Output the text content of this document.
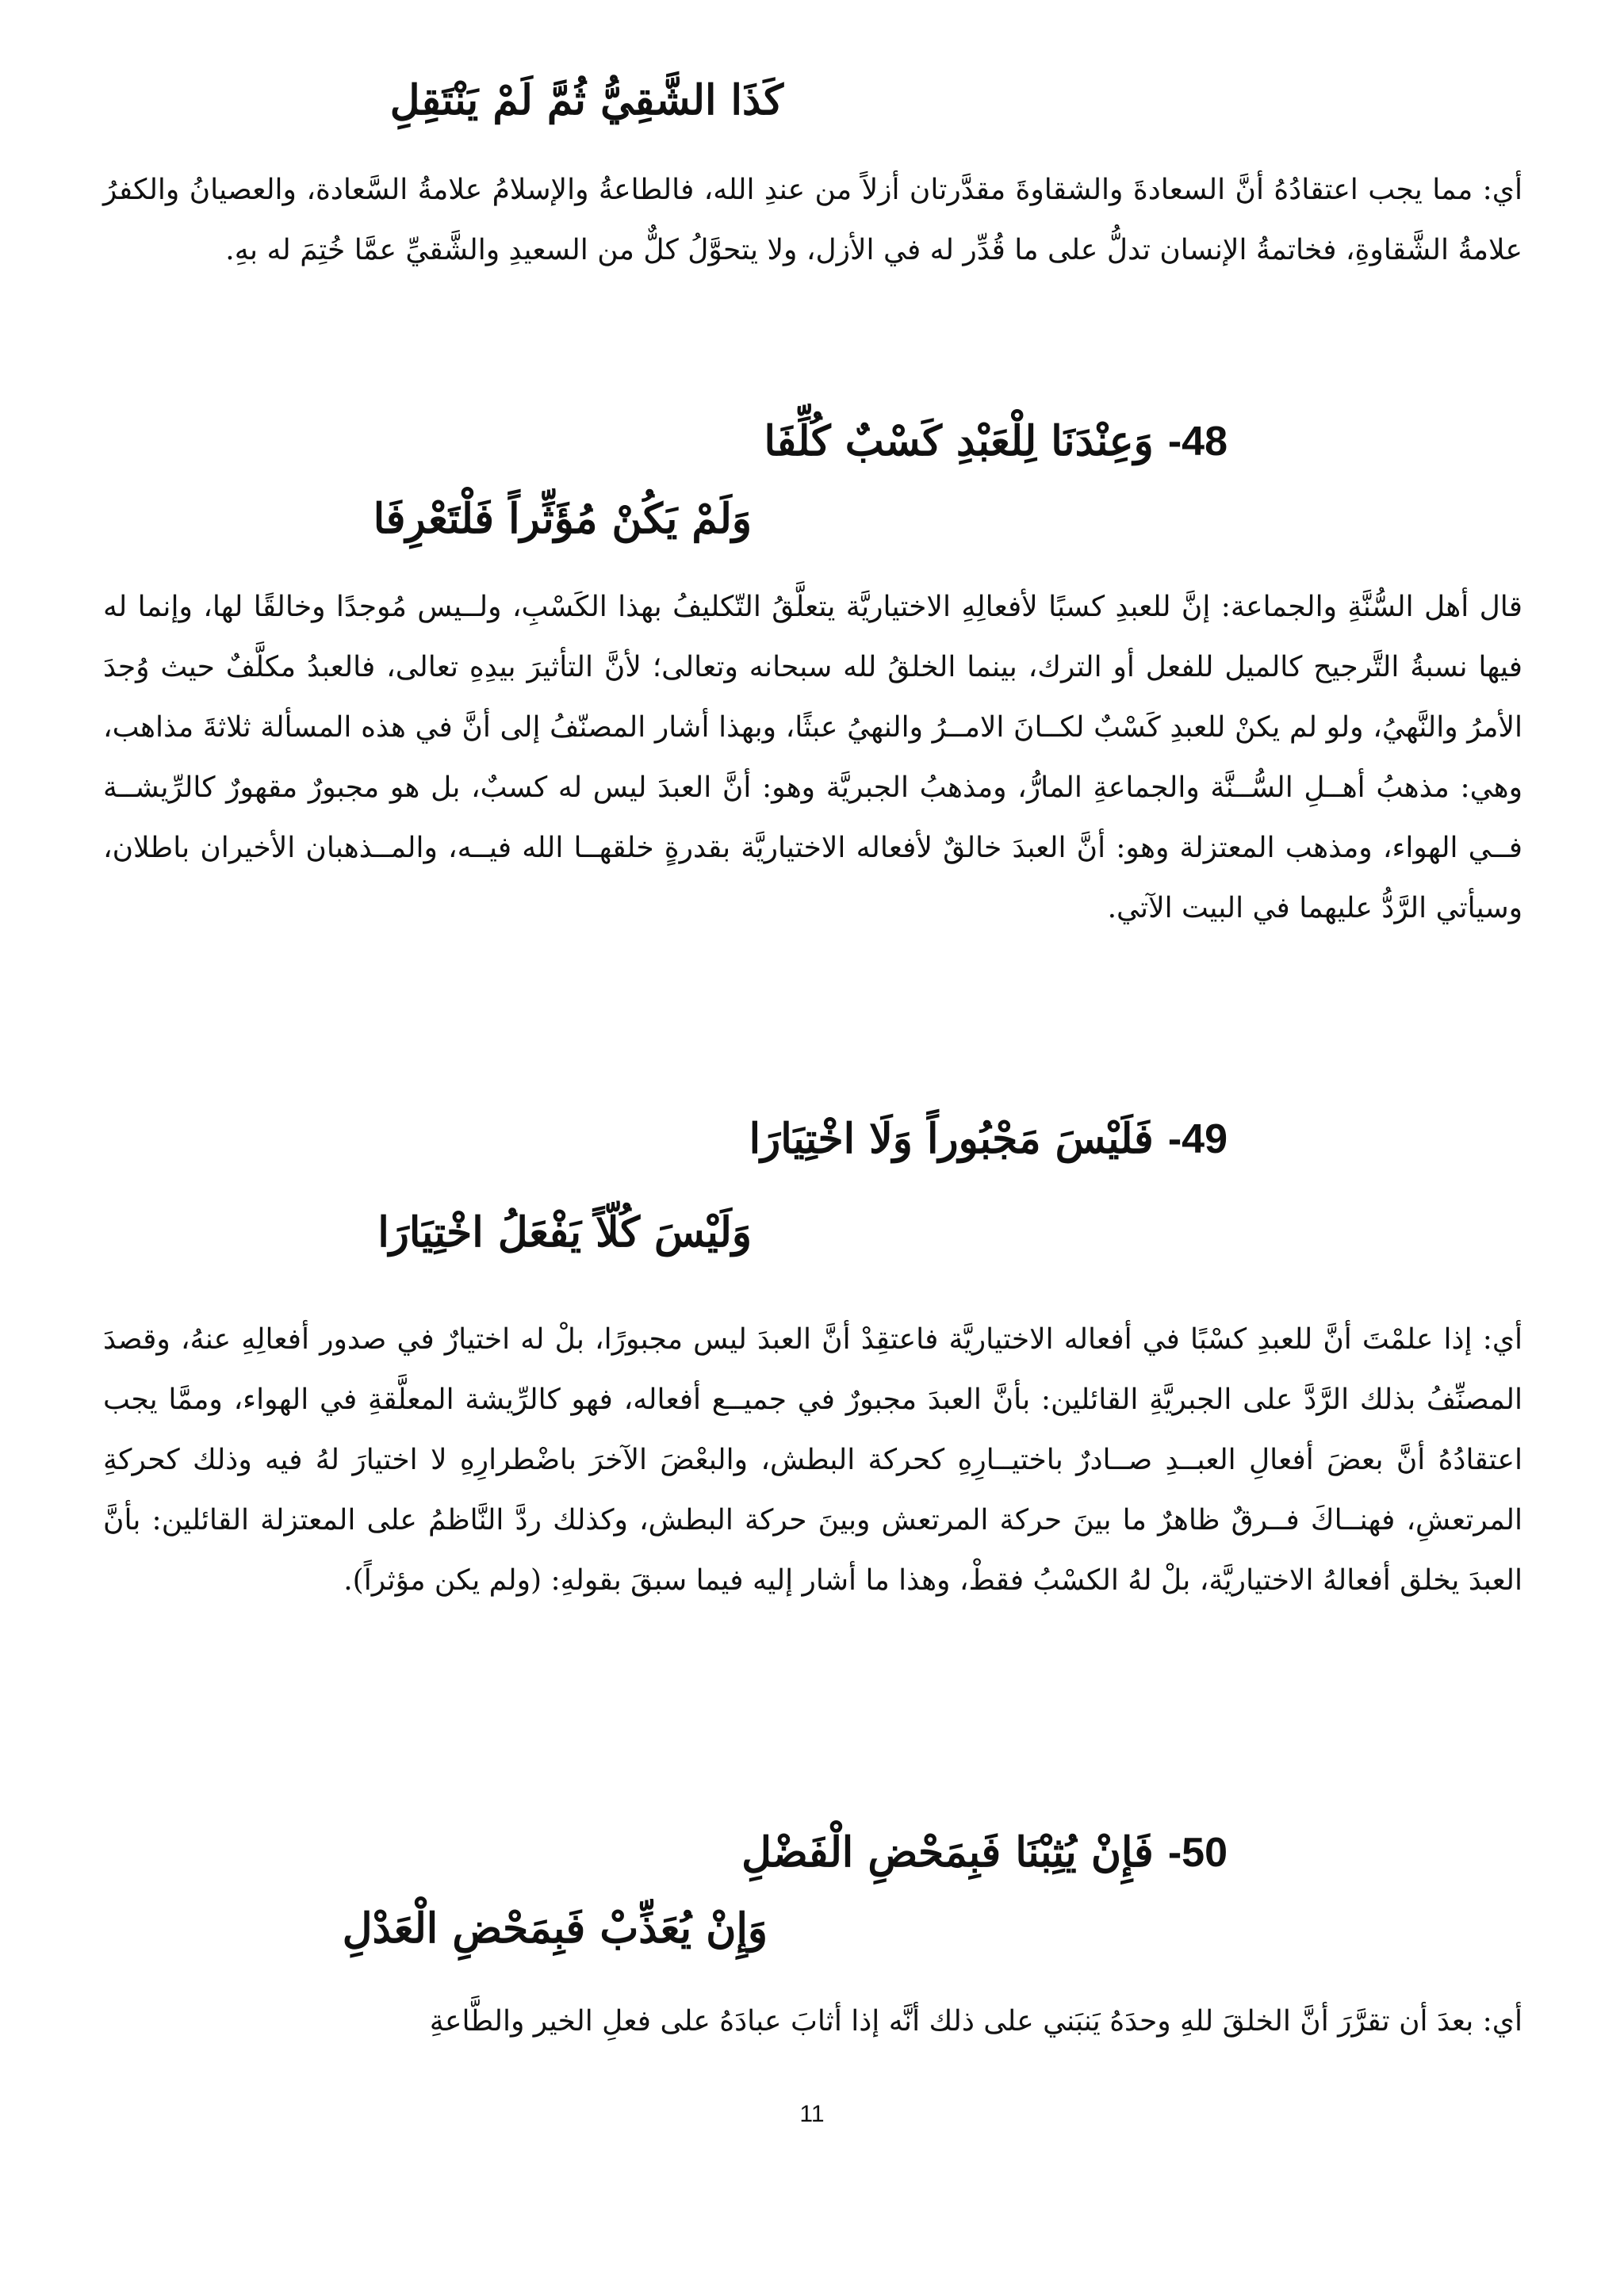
كَذَا الشَّقِيُّ ثُمَّ لَمْ يَنْتَقِلِ
أي: مما يجب اعتقادُهُ أنَّ السعادةَ والشقاوةَ مقدَّرتان أزلاً من عندِ الله، فالطاعةُ والإسلامُ علامةُ السَّعادة، والعصيانُ والكفرُ علامةُ الشَّقاوةِ، فخاتمةُ الإنسان تدلُّ على ما قُدِّر له في الأزل، ولا يتحوَّلُ كلٌّ من السعيدِ والشَّقيِّ عمَّا خُتِمَ له بهِ.
48- وَعِنْدَنَا لِلْعَبْدِ كَسْبٌ كُلِّفَا
وَلَمْ يَكُنْ مُؤَثِّراً فَلْتَعْرِفَا
قال أهل السُّنَّةِ والجماعة: إنَّ للعبدِ كسبًا لأفعالِهِ الاختياريَّة يتعلَّقُ التّكليفُ بهذا الكَسْبِ، ولــيس مُوجدًا وخالقًا لها، وإنما له فيها نسبةُ التَّرجيح كالميل للفعل أو الترك، بينما الخلقُ لله سبحانه وتعالى؛ لأنَّ التأثيرَ بيدِهِ تعالى، فالعبدُ مكلَّفٌ حيث وُجدَ الأمرُ والنَّهيُ، ولو لم يكنْ للعبدِ كَسْبٌ لكــانَ الامــرُ والنهيُ عبثًا، وبهذا أشار المصنّفُ إلى أنَّ في هذه المسألة ثلاثةَ مذاهب، وهي: مذهبُ أهــلِ السُّــنَّة والجماعةِ المارُّ، ومذهبُ الجبريَّة وهو: أنَّ العبدَ ليس له كسبٌ، بل هو مجبورٌ مقهورٌ كالرِّيشــة فــي الهواء، ومذهب المعتزلة وهو: أنَّ العبدَ خالقٌ لأفعاله الاختياريَّة بقدرةٍ خلقهــا الله فيــه، والمــذهبان الأخيران باطلان، وسيأتي الرَّدُّ عليهما في البيت الآتي.
49- فَلَيْسَ مَجْبُوراً وَلَا اخْتِيَارَا
وَلَيْسَ كُلّاً يَفْعَلُ اخْتِيَارَا
أي: إذا علمْتَ أنَّ للعبدِ كسْبًا في أفعاله الاختياريَّة فاعتقِدْ أنَّ العبدَ ليس مجبورًا، بلْ له اختيارٌ في صدور أفعالِهِ عنهُ، وقصدَ المصنِّفُ بذلك الرَّدَّ على الجبريَّةِ القائلين: بأنَّ العبدَ مجبورٌ في جميــع أفعاله، فهو كالرِّيشة المعلَّقةِ في الهواء، وممَّا يجب اعتقادُهُ أنَّ بعضَ أفعالِ العبــدِ صــادرٌ باختيــارِهِ كحركة البطش، والبعْضَ الآخرَ باضْطرارِهِ لا اختيارَ لهُ فيه وذلك كحركةِ المرتعشِ، فهنــاكَ فــرقٌ ظاهرٌ ما بينَ حركة المرتعش وبينَ حركة البطش، وكذلك ردَّ النَّاظمُ على المعتزلة القائلين: بأنَّ العبدَ يخلق أفعالهُ الاختياريَّة، بلْ لهُ الكسْبُ فقطْ، وهذا ما أشار إليه فيما سبقَ بقولهِ: (ولم يكن مؤثراً).
50- فَإِنْ يُثِبْنَا فَبِمَحْضِ الْفَضْلِ
وَإِنْ يُعَذِّبْ فَبِمَحْضِ الْعَدْلِ
أي: بعدَ أن تقرَّرَ أنَّ الخلقَ للهِ وحدَهُ يَنبَني على ذلك أنَّه إذا أثابَ عبادَهُ على فعلِ الخير والطَّاعةِ
11
